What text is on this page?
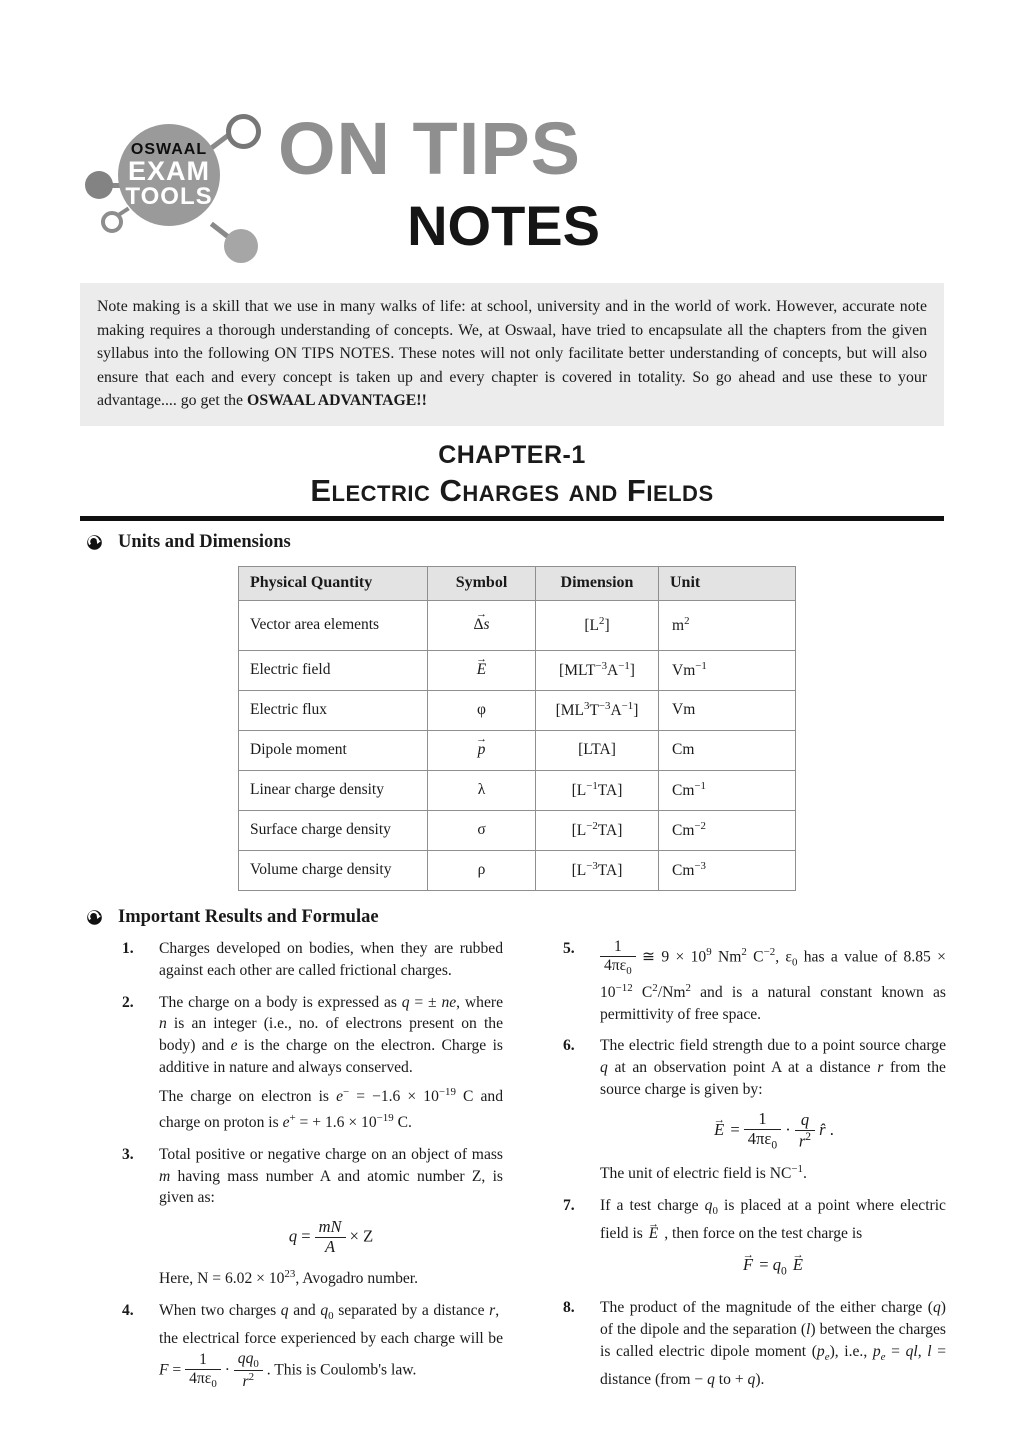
OSWAAL
EXAM
TOOLS
ON TIPS
NOTES
Note making is a skill that we use in many walks of life: at school, university and in the world of work. However, accurate note making requires a thorough understanding of concepts. We, at Oswaal, have tried to encapsulate all the chapters from the given syllabus into the following ON TIPS NOTES. These notes will not only facilitate better understanding of concepts, but will also ensure that each and every concept is taken up and every chapter is covered in totality. So go ahead and use these to your advantage.... go get the OSWAAL ADVANTAGE!!
CHAPTER-1
Electric Charges and Fields
Units and Dimensions
Physical Quantity	Symbol	Dimension	Unit
Vector area elements	Δs →	$[L^2]$	$m^2$
Electric field	E →	$[MLT^{-3}A^{-1}]$	$Vm^{-1}$
Electric flux	φ	$[ML^3T^{-3}A^{-1}]$	Vm
Dipole moment	p →	[LTA]	Cm
Linear charge density	λ	$[L^{-1}TA]$	$Cm^{-1}$
Surface charge density	σ	$[L^{-2}TA]$	$Cm^{-2}$
Volume charge density	ρ	$[L^{-3}TA]$	$Cm^{-3}$
Important Results and Formulae
1.	Charges developed on bodies, when they are rubbed against each other are called frictional charges.

2.	The charge on a body is expressed as q = ± ne, where n is an integer (i.e., no. of electrons present on the body) and e is the charge on the electron. Charge is additive in nature and always conserved.

The charge on electron is $e^- = -1.6 \times 10^{-19}$ C and charge on proton is e+ = + $1.6 \times 10^{-19}$ C.

3.	Total positive or negative charge on an object of mass m having mass number A and atomic number Z, is given as:

$q = \frac{mN}{A} \times Z$

Here, $N = 6.02 \times 10^{23}$, Avogadro number.

4.	When two charges q and $q_0$ separated by a distance r,  the electrical force experienced by each charge will be $F = \frac{1}{4\pi\varepsilon_0} \cdot \frac{qq_0}{r^2}$ . This is Coulomb's law.

5.	$\frac{1}{4\pi\varepsilon_0}$ ≅ $9 \times 10^9$ Nm$^2$ $C^{-2}$, $\varepsilon_0$ has a value of $8.85 \times 10^{-12}$ $C^2/Nm^2$ and is a natural constant known as permittivity of free space.

6.	The electric field strength due to a point source charge q at an observation point A at a distance r from the source charge is given by:

E → = $\frac{1}{4\pi\varepsilon_0} \cdot \frac{q}{r^2}$ r̂ .

The unit of electric field is $NC^{-1}$.

7.	If a test charge $q_0$ is placed at a point where electric field is E → , then force on the test charge is

F → = $q_0$ E →
8.	The product of the magnitude of the either charge (q) of the dipole and the separation (l) between the charges is called electric dipole moment $(p_e)$, i.e., $p_e$ = ql, l = distance (from − q to + q).
